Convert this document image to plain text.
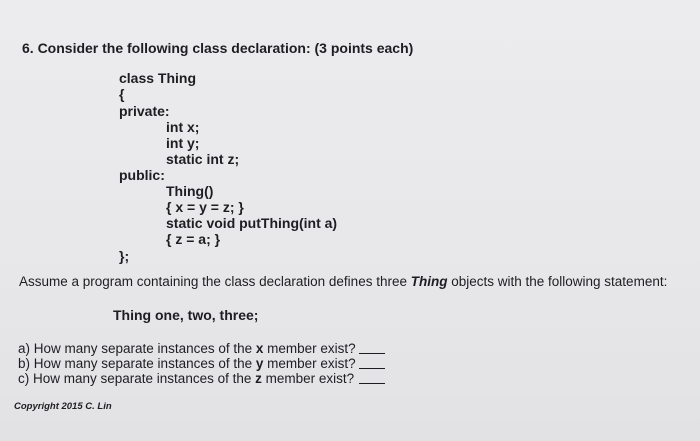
6. Consider the following class declaration: (3 points each)
class Thing
{
private:
int x;
int y;
static int z;
public:
Thing()
{ x = y = z; }
static void putThing(int a)
{ z = a; }
};
Assume a program containing the class declaration defines three Thing objects with the following statement:
Thing one, two, three;
a) How many separate instances of the x member exist?
b) How many separate instances of the y member exist?
c) How many separate instances of the z member exist?
Copyright 2015 C. Lin
